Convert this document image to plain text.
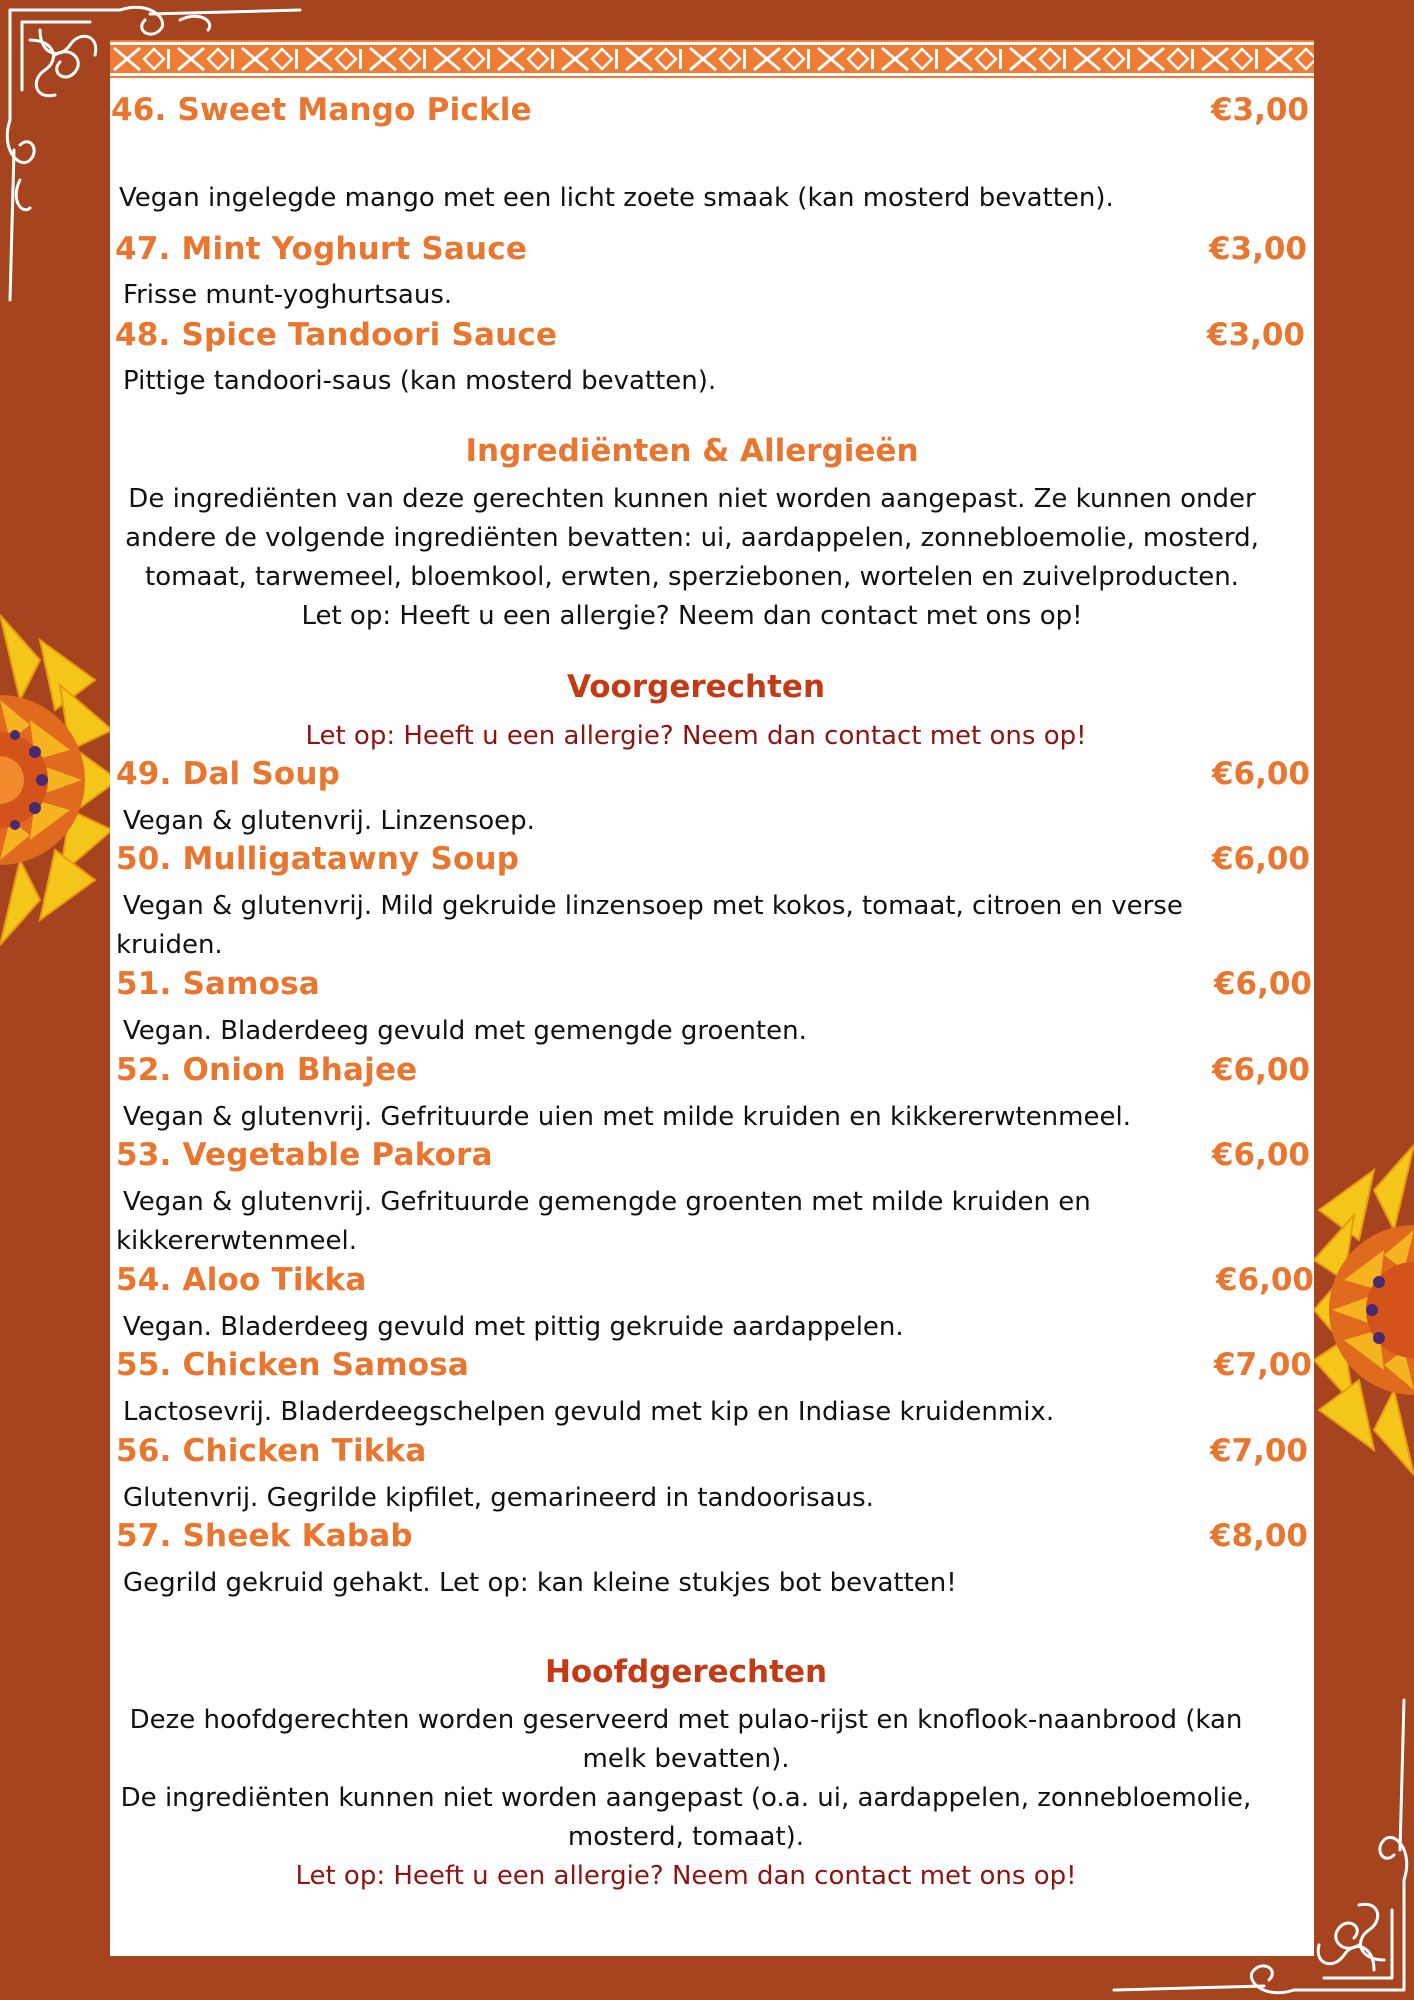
46. Sweet Mango Pickle	€3,00
Vegan ingelegde mango met een licht zoete smaak (kan mosterd bevatten).
47. Mint Yoghurt Sauce	€3,00
Frisse munt-yoghurtsaus.
48. Spice Tandoori Sauce	€3,00
Pittige tandoori-saus (kan mosterd bevatten).
Ingrediënten & Allergieën
De ingrediënten van deze gerechten kunnen niet worden aangepast. Ze kunnen onder
andere de volgende ingrediënten bevatten: ui, aardappelen, zonnebloemolie, mosterd,
tomaat, tarwemeel, bloemkool, erwten, sperziebonen, wortelen en zuivelproducten.
Let op: Heeft u een allergie? Neem dan contact met ons op!
Voorgerechten
Let op: Heeft u een allergie? Neem dan contact met ons op!
49. Dal Soup	€6,00
Vegan & glutenvrij. Linzensoep.
50. Mulligatawny Soup	€6,00
Vegan & glutenvrij. Mild gekruide linzensoep met kokos, tomaat, citroen en verse
kruiden.
51. Samosa	€6,00
Vegan. Bladerdeeg gevuld met gemengde groenten.
52. Onion Bhajee	€6,00
Vegan & glutenvrij. Gefrituurde uien met milde kruiden en kikkererwtenmeel.
53. Vegetable Pakora	€6,00
Vegan & glutenvrij. Gefrituurde gemengde groenten met milde kruiden en
kikkererwtenmeel.
54. Aloo Tikka	€6,00
Vegan. Bladerdeeg gevuld met pittig gekruide aardappelen.
55. Chicken Samosa	€7,00
Lactosevrij. Bladerdeegschelpen gevuld met kip en Indiase kruidenmix.
56. Chicken Tikka	€7,00
Glutenvrij. Gegrilde kipfilet, gemarineerd in tandoorisaus.
57. Sheek Kabab	€8,00
Gegrild gekruid gehakt. Let op: kan kleine stukjes bot bevatten!
Hoofdgerechten
Deze hoofdgerechten worden geserveerd met pulao-rijst en knoflook-naanbrood (kan
melk bevatten).
De ingrediënten kunnen niet worden aangepast (o.a. ui, aardappelen, zonnebloemolie,
mosterd, tomaat).
Let op: Heeft u een allergie? Neem dan contact met ons op!
